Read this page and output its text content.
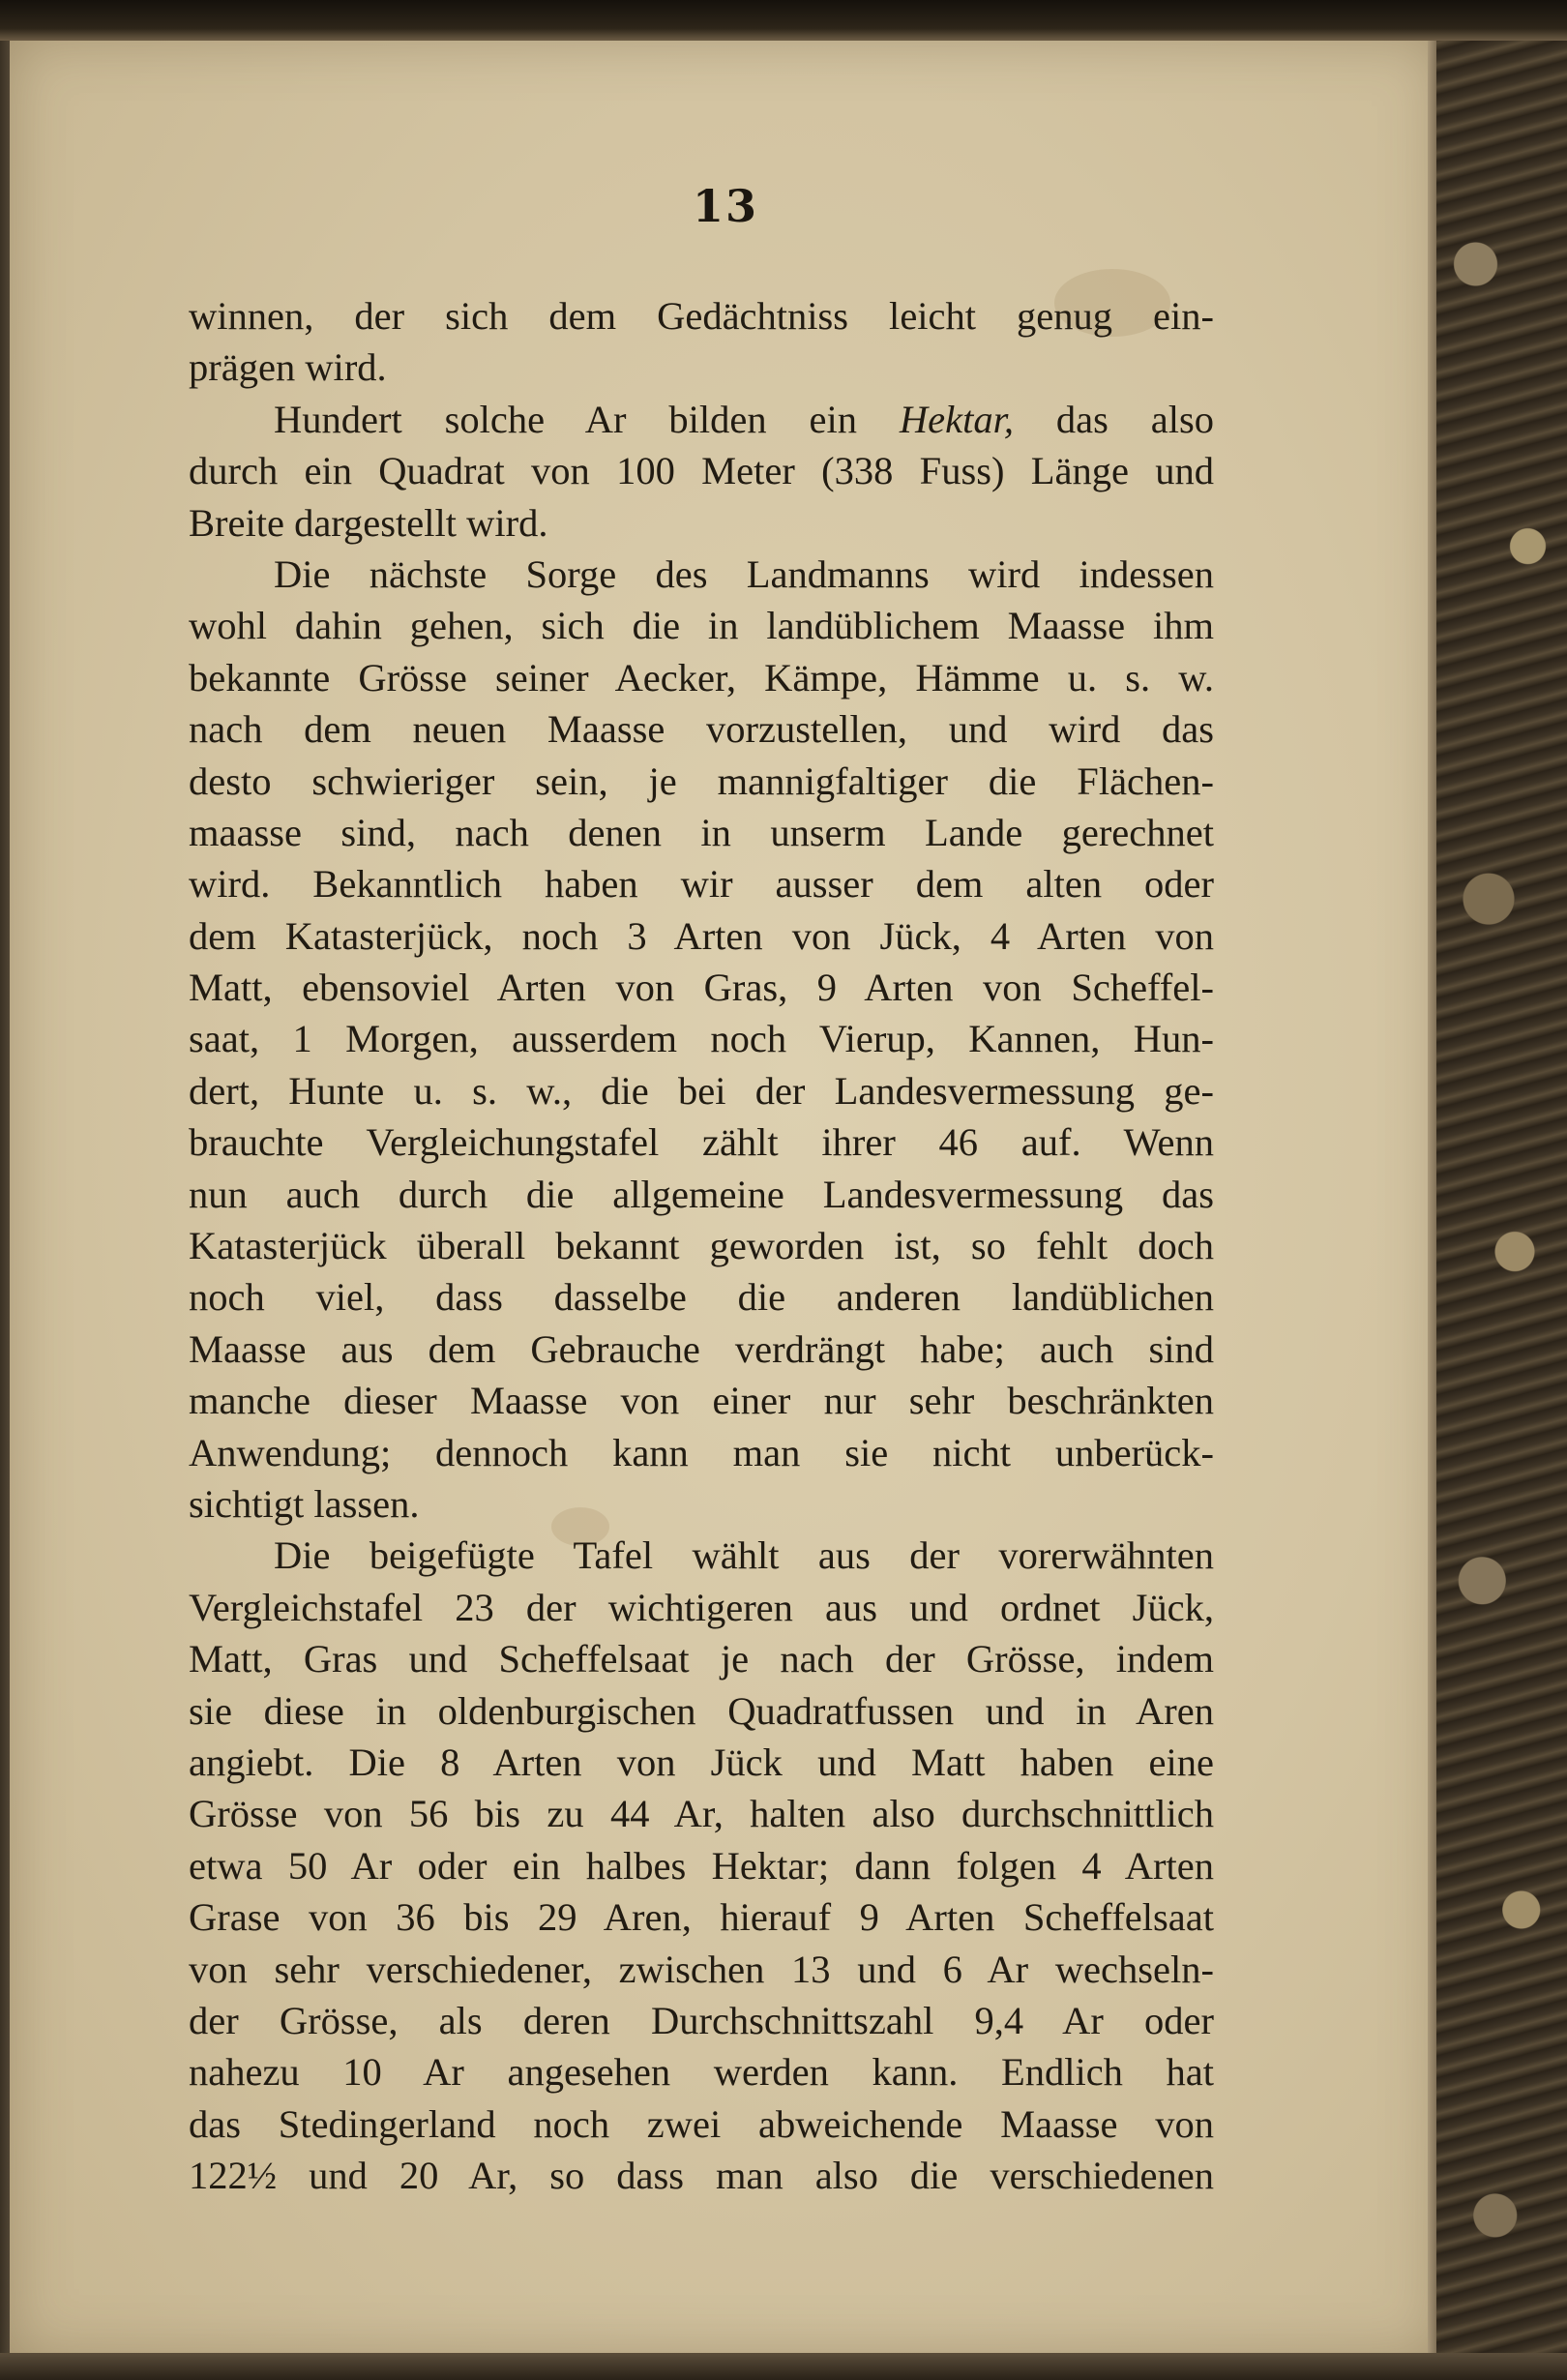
13
winnen, der sich dem Gedächtniss leicht genug ein-
prägen wird.
Hundert solche Ar bilden ein Hektar, das also
durch ein Quadrat von 100 Meter (338 Fuss) Länge und
Breite dargestellt wird.
Die nächste Sorge des Landmanns wird indessen
wohl dahin gehen, sich die in landüblichem Maasse ihm
bekannte Grösse seiner Aecker, Kämpe, Hämme u. s. w.
nach dem neuen Maasse vorzustellen, und wird das
desto schwieriger sein, je mannigfaltiger die Flächen-
maasse sind, nach denen in unserm Lande gerechnet
wird. Bekanntlich haben wir ausser dem alten oder
dem Katasterjück, noch 3 Arten von Jück, 4 Arten von
Matt, ebensoviel Arten von Gras, 9 Arten von Scheffel-
saat, 1 Morgen, ausserdem noch Vierup, Kannen, Hun-
dert, Hunte u. s. w., die bei der Landesvermessung ge-
brauchte Vergleichungstafel zählt ihrer 46 auf. Wenn
nun auch durch die allgemeine Landesvermessung das
Katasterjück überall bekannt geworden ist, so fehlt doch
noch viel, dass dasselbe die anderen landüblichen
Maasse aus dem Gebrauche verdrängt habe; auch sind
manche dieser Maasse von einer nur sehr beschränkten
Anwendung; dennoch kann man sie nicht unberück-
sichtigt lassen.
Die beigefügte Tafel wählt aus der vorerwähnten
Vergleichstafel 23 der wichtigeren aus und ordnet Jück,
Matt, Gras und Scheffelsaat je nach der Grösse, indem
sie diese in oldenburgischen Quadratfussen und in Aren
angiebt. Die 8 Arten von Jück und Matt haben eine
Grösse von 56 bis zu 44 Ar, halten also durchschnittlich
etwa 50 Ar oder ein halbes Hektar; dann folgen 4 Arten
Grase von 36 bis 29 Aren, hierauf 9 Arten Scheffelsaat
von sehr verschiedener, zwischen 13 und 6 Ar wechseln-
der Grösse, als deren Durchschnittszahl 9,4 Ar oder
nahezu 10 Ar angesehen werden kann. Endlich hat
das Stedingerland noch zwei abweichende Maasse von
122½ und 20 Ar, so dass man also die verschiedenen
